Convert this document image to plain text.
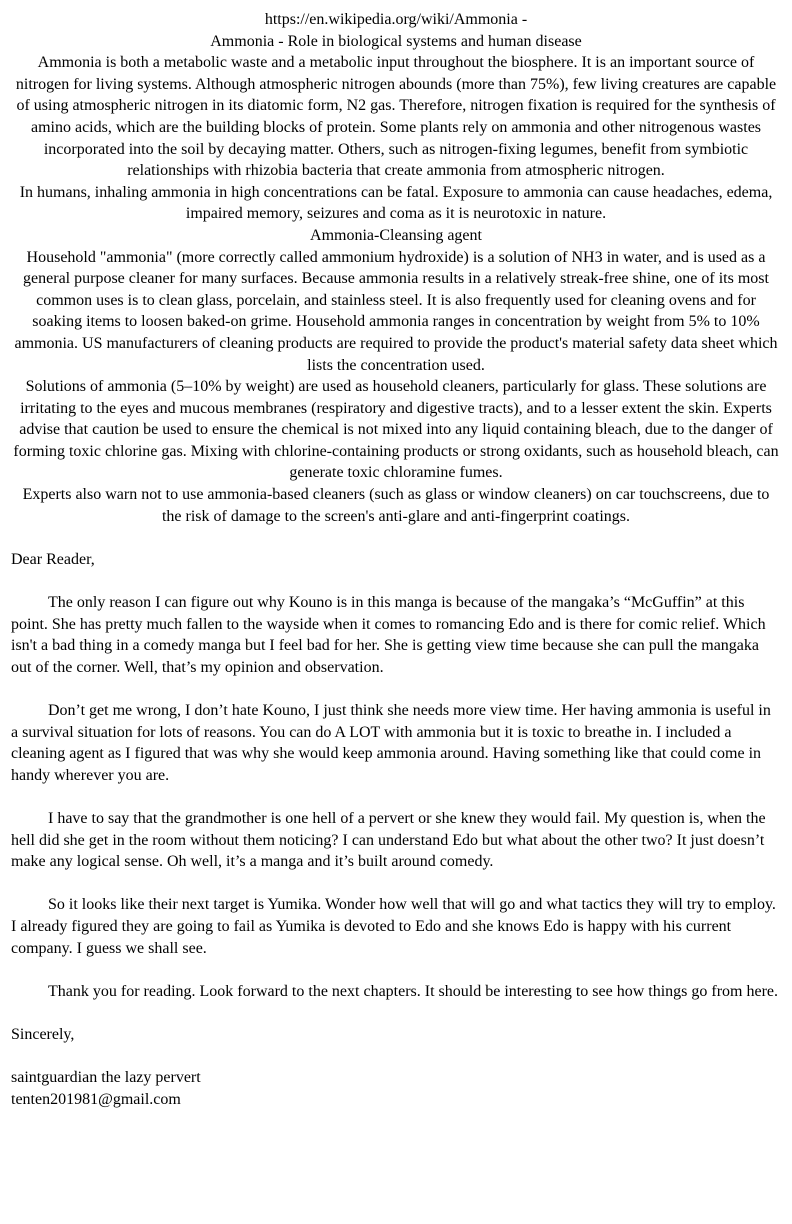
https://en.wikipedia.org/wiki/Ammonia -

Ammonia - Role in biological systems and human disease

Ammonia is both a metabolic waste and a metabolic input throughout the biosphere. It is an important source of nitrogen for living systems. Although atmospheric nitrogen abounds (more than 75%), few living creatures are capable of using atmospheric nitrogen in its diatomic form, N2 gas. Therefore, nitrogen fixation is required for the synthesis of amino acids, which are the building blocks of protein. Some plants rely on ammonia and other nitrogenous wastes incorporated into the soil by decaying matter. Others, such as nitrogen-fixing legumes, benefit from symbiotic relationships with rhizobia bacteria that create ammonia from atmospheric nitrogen.

In humans, inhaling ammonia in high concentrations can be fatal. Exposure to ammonia can cause headaches, edema, impaired memory, seizures and coma as it is neurotoxic in nature.

Ammonia-Cleansing agent

Household "ammonia" (more correctly called ammonium hydroxide) is a solution of NH3 in water, and is used as a general purpose cleaner for many surfaces. Because ammonia results in a relatively streak-free shine, one of its most common uses is to clean glass, porcelain, and stainless steel. It is also frequently used for cleaning ovens and for soaking items to loosen baked-on grime. Household ammonia ranges in concentration by weight from 5% to 10% ammonia. US manufacturers of cleaning products are required to provide the product's material safety data sheet which lists the concentration used.

Solutions of ammonia (5–10% by weight) are used as household cleaners, particularly for glass. These solutions are irritating to the eyes and mucous membranes (respiratory and digestive tracts), and to a lesser extent the skin. Experts advise that caution be used to ensure the chemical is not mixed into any liquid containing bleach, due to the danger of forming toxic chlorine gas. Mixing with chlorine-containing products or strong oxidants, such as household bleach, can generate toxic chloramine fumes.

Experts also warn not to use ammonia-based cleaners (such as glass or window cleaners) on car touchscreens, due to the risk of damage to the screen's anti-glare and anti-fingerprint coatings.

Dear Reader,

The only reason I can figure out why Kouno is in this manga is because of the mangaka’s “McGuffin” at this point. She has pretty much fallen to the wayside when it comes to romancing Edo and is there for comic relief. Which isn't a bad thing in a comedy manga but I feel bad for her. She is getting view time because she can pull the mangaka out of the corner. Well, that’s my opinion and observation.

Don’t get me wrong, I don’t hate Kouno, I just think she needs more view time. Her having ammonia is useful in a survival situation for lots of reasons. You can do A LOT with ammonia but it is toxic to breathe in. I included a cleaning agent as I figured that was why she would keep ammonia around. Having something like that could come in handy wherever you are.

I have to say that the grandmother is one hell of a pervert or she knew they would fail. My question is, when the hell did she get in the room without them noticing? I can understand Edo but what about the other two? It just doesn’t make any logical sense. Oh well, it’s a manga and it’s built around comedy.

So it looks like their next target is Yumika. Wonder how well that will go and what tactics they will try to employ. I already figured they are going to fail as Yumika is devoted to Edo and she knows Edo is happy with his current company. I guess we shall see.

Thank you for reading. Look forward to the next chapters. It should be interesting to see how things go from here.

Sincerely,

saintguardian the lazy pervert

tenten201981@gmail.com
